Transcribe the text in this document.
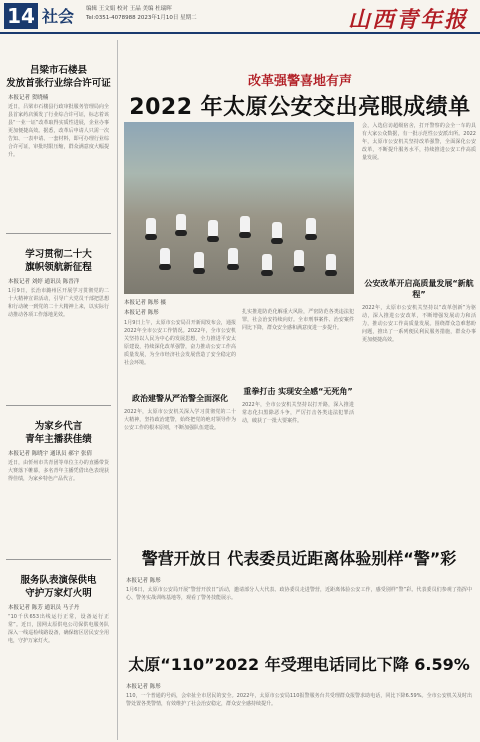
14 社会 编辑 王文娟 校对 王晶 美编 杜瑞晖
Tel:0351-4078988 2023年1月10日 星期二	山西青年报
吕梁市石楼县
发放首张行业综合许可证
本报记者 贺晓楠
近日，吕梁市石楼县行政审批服务管理局向全县首家药店颁发了行业综合许可证，标志着该县“一业一证”改革取得实质性进展，企业办事更加便捷高效。据悉，改革后申请人只需一次告知、一表申请、一套材料，即可办理行业综合许可证，审批时限压缩，群众满意度大幅提升。
学习贯彻二十大
旗帜领航新征程
本报记者 刘婷 通讯员 陈晋洋
1月9日，长治市潞州区开展学习贯彻党的二十大精神宣讲活动，引导广大党员干部把思想和行动统一到党的二十大精神上来，以实际行动推动各项工作落地见效。
为家乡代言
青年主播获佳绩
本报记者 陈晓宇 通讯员 郝宇 张倩
近日，由忻州市共青团等单位主办的直播带货大赛落下帷幕，多名青年主播凭借出色表现获得佳绩，为家乡特色产品代言。
服务队表演保供电
守护万家灯火明
本报记者 陈芳 通讯员 马子丹
“10千伏653出线运行正常，设备运行正常”。近日，国网太原供电公司保供电服务队深入一线巡检线路设备，确保辖区居民安全用电，守护万家灯火。
改革强警喜地有声
2022 年太原公安交出亮眼成绩单
本报记者 陈彤 摄
本报记者 陈彤
1月9日上午，太原市公安局召开新闻发布会，通报2022年全市公安工作情况。2022年，全市公安机关坚持以人民为中心的发展思想，全力推进平安太原建设，持续深化改革强警，奋力推动公安工作高质量发展，为全市经济社会发展营造了安全稳定的社会环境。
政治建警从严治警全面深化
2022年，太原市公安机关深入学习贯彻党的二十大精神，坚持政治建警，始终把党的绝对领导作为公安工作的根本原则，不断加强队伍建设。
扎实推进防范化解重大风险，严密防范各类违法犯罪，社会治安持续向好。全市刑事案件、治安案件同比下降，群众安全感和满意度进一步提升。
重拳打击 实现安全感“无死角”
2022年，全市公安机关坚持以打开路，深入推进常态化扫黑除恶斗争，严厉打击各类违法犯罪活动，破获了一批大要案件。
会，入选信访超级宿舍，打开警察的会全一车的具有大家公众数据，有一批示范性公安派出所。2022年，太原市公安机关坚持改革强警，全面深化公安改革，不断提升服务水平，持续推进公安工作高质量发展。
公安改革开启高质量发展“新航程”
2022年，太原市公安机关坚持以“改革创新”为驱动，深入推进公安改革，不断增强发展动力和活力，推动公安工作高质量发展。围绕群众急难愁盼问题，推出了一系列便民利民服务措施，群众办事更加便捷高效。
警营开放日 代表委员近距离体验别样“警”彩
本报记者 陈彤
1月6日，太原市公安局开展“警营开放日”活动，邀请部分人大代表、政协委员走进警营，近距离体验公安工作，感受别样“警”彩。代表委员们参观了指挥中心、警务实战训练基地等，观看了警务技能展示。
太原“110”2022 年受理电话同比下降 6.59%
本报记者 陈彤
110，一个普通的号码，会牵扯全市居民的安全。2022年，太原市公安局110报警服务台共受理群众报警求助电话，同比下降6.59%。全市公安机关及时出警处置各类警情，有效维护了社会治安稳定，群众安全感持续提升。
